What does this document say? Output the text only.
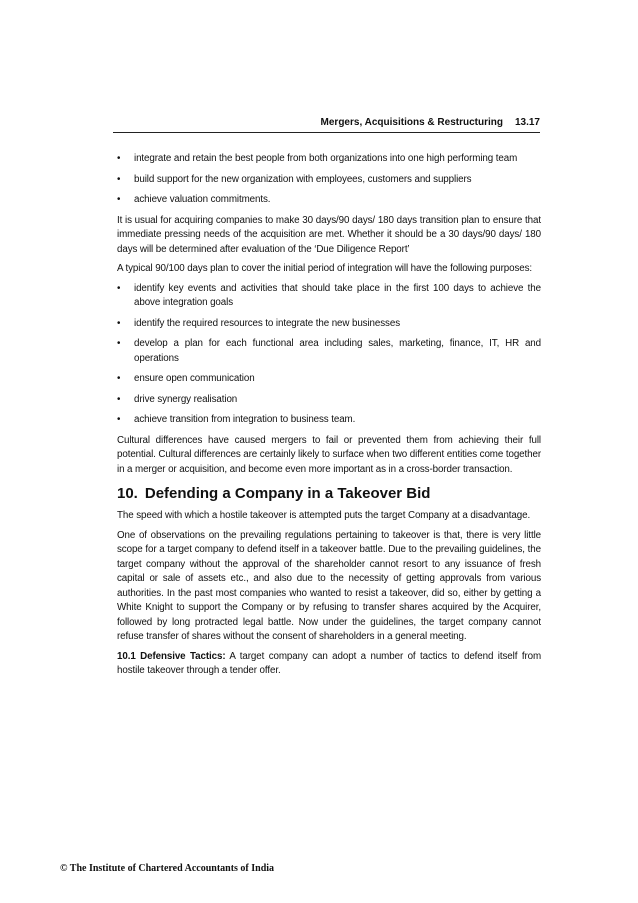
Mergers, Acquisitions & Restructuring 13.17
• integrate and retain the best people from both organizations into one high performing team
• build support for the new organization with employees, customers and suppliers
• achieve valuation commitments.

It is usual for acquiring companies to make 30 days/90 days/ 180 days transition plan to ensure that immediate pressing needs of the acquisition are met. Whether it should be a 30 days/90 days/ 180 days will be determined after evaluation of the ‘Due Diligence Report’

A typical 90/100 days plan to cover the initial period of integration will have the following purposes:

• identify key events and activities that should take place in the first 100 days to achieve the above integration goals
• identify the required resources to integrate the new businesses
• develop a plan for each functional area including sales, marketing, finance, IT, HR and operations
• ensure open communication
• drive synergy realisation
• achieve transition from integration to business team.

Cultural differences have caused mergers to fail or prevented them from achieving their full potential. Cultural differences are certainly likely to surface when two different entities come together in a merger or acquisition, and become even more important as in a cross-border transaction.

10. Defending a Company in a Takeover Bid

The speed with which a hostile takeover is attempted puts the target Company at a disadvantage.

One of observations on the prevailing regulations pertaining to takeover is that, there is very little scope for a target company to defend itself in a takeover battle. Due to the prevailing guidelines, the target company without the approval of the shareholder cannot resort to any issuance of fresh capital or sale of assets etc., and also due to the necessity of getting approvals from various authorities. In the past most companies who wanted to resist a takeover, did so, either by getting a White Knight to support the Company or by refusing to transfer shares acquired by the Acquirer, followed by long protracted legal battle. Now under the guidelines, the target company cannot refuse transfer of shares without the consent of shareholders in a general meeting.

10.1 Defensive Tactics: A target company can adopt a number of tactics to defend itself from hostile takeover through a tender offer.

© The Institute of Chartered Accountants of India
